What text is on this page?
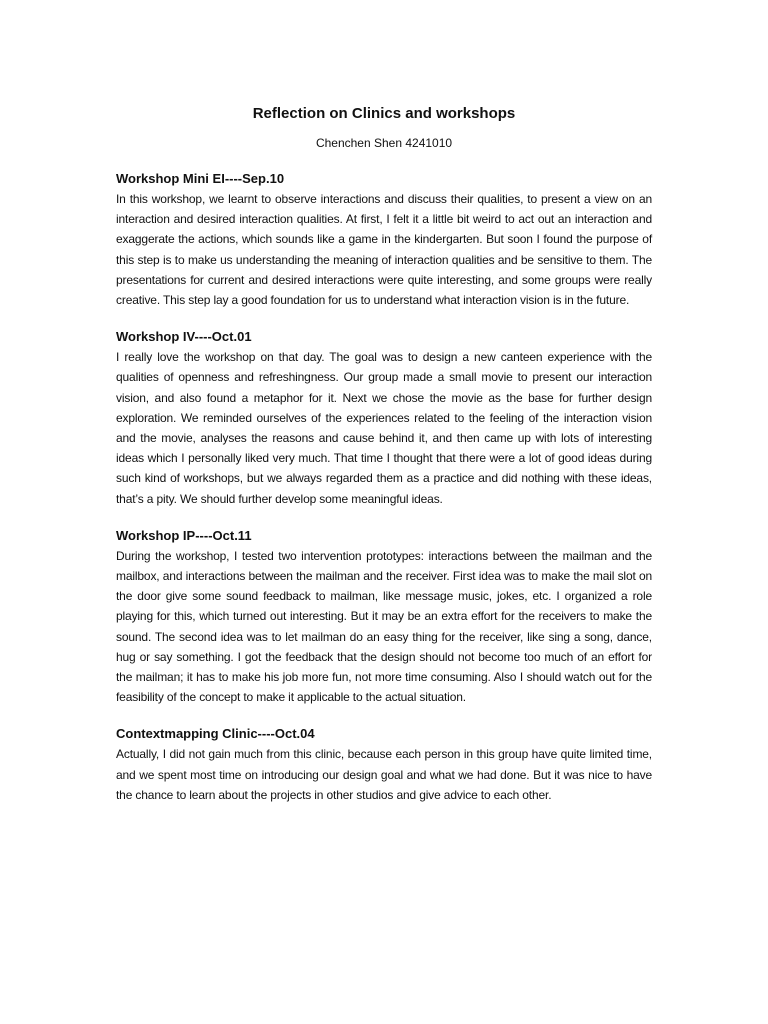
Reflection on Clinics and workshops

Chenchen Shen 4241010

Workshop Mini EI----Sep.10

In this workshop, we learnt to observe interactions and discuss their qualities, to present a view on an interaction and desired interaction qualities. At first, I felt it a little bit weird to act out an interaction and exaggerate the actions, which sounds like a game in the kindergarten. But soon I found the purpose of this step is to make us understanding the meaning of interaction qualities and be sensitive to them. The presentations for current and desired interactions were quite interesting, and some groups were really creative. This step lay a good foundation for us to understand what interaction vision is in the future.

Workshop IV----Oct.01

I really love the workshop on that day. The goal was to design a new canteen experience with the qualities of openness and refreshingness. Our group made a small movie to present our interaction vision, and also found a metaphor for it. Next we chose the movie as the base for further design exploration. We reminded ourselves of the experiences related to the feeling of the interaction vision and the movie, analyses the reasons and cause behind it, and then came up with lots of interesting ideas which I personally liked very much. That time I thought that there were a lot of good ideas during such kind of workshops, but we always regarded them as a practice and did nothing with these ideas, that’s a pity. We should further develop some meaningful ideas.

Workshop IP----Oct.11

During the workshop, I tested two intervention prototypes: interactions between the mailman and the mailbox, and interactions between the mailman and the receiver. First idea was to make the mail slot on the door give some sound feedback to mailman, like message music, jokes, etc. I organized a role playing for this, which turned out interesting. But it may be an extra effort for the receivers to make the sound. The second idea was to let mailman do an easy thing for the receiver, like sing a song, dance, hug or say something. I got the feedback that the design should not become too much of an effort for the mailman; it has to make his job more fun, not more time consuming. Also I should watch out for the feasibility of the concept to make it applicable to the actual situation.

Contextmapping Clinic----Oct.04

Actually, I did not gain much from this clinic, because each person in this group have quite limited time, and we spent most time on introducing our design goal and what we had done. But it was nice to have the chance to learn about the projects in other studios and give advice to each other.
